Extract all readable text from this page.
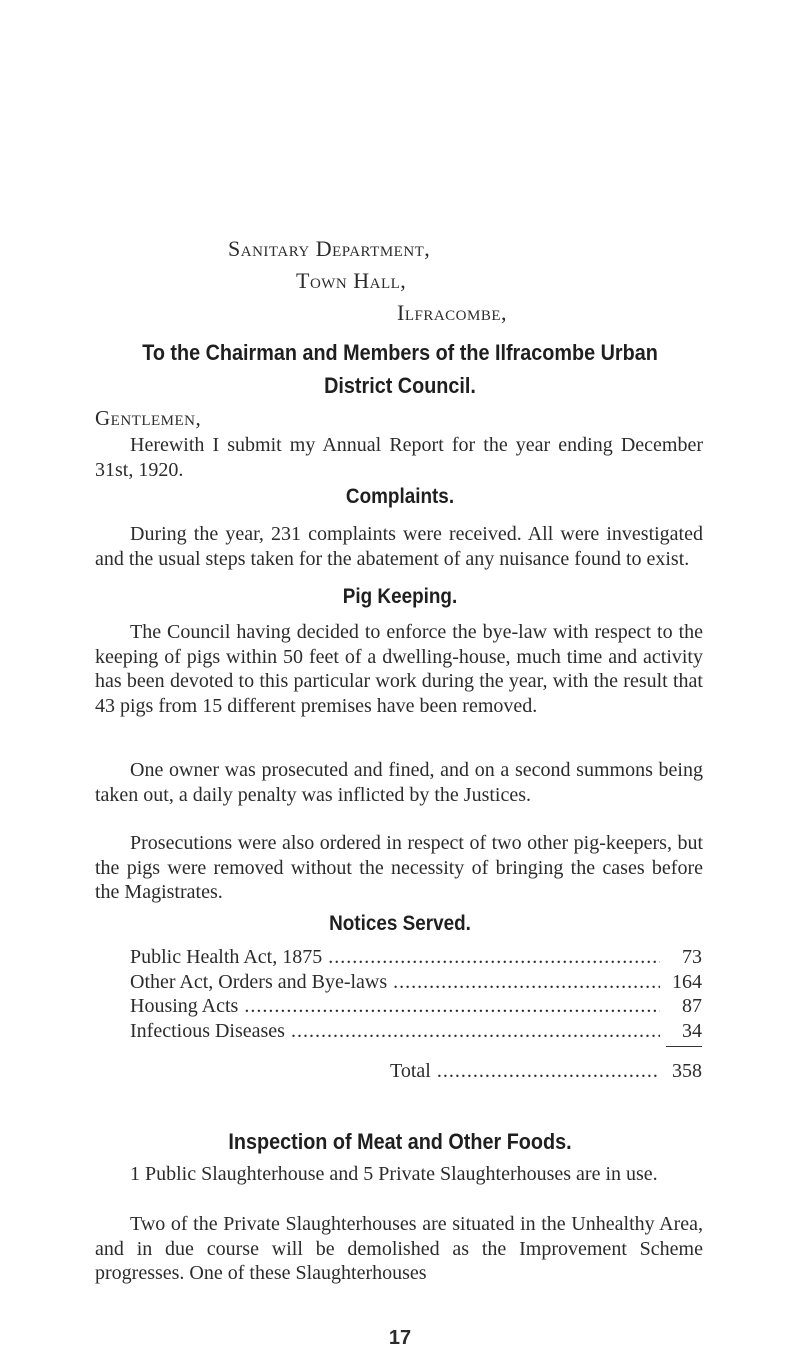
Sanitary Department,
Town Hall,
Ilfracombe,
To the Chairman and Members of the Ilfracombe Urban
District Council.
Gentlemen,

Herewith I submit my Annual Report for the year ending December 31st, 1920.

Complaints.

During the year, 231 complaints were received. All were investigated and the usual steps taken for the abatement of any nuisance found to exist.

Pig Keeping.

The Council having decided to enforce the bye-law with respect to the keeping of pigs within 50 feet of a dwelling-house, much time and activity has been devoted to this particular work during the year, with the result that 43 pigs from 15 different premises have been removed.

One owner was prosecuted and fined, and on a second summons being taken out, a daily penalty was inflicted by the Justices.

Prosecutions were also ordered in respect of two other pig-keepers, but the pigs were removed without the necessity of bringing the cases before the Magistrates.

Notices Served.
Public Health Act, 1875 .....	73
Other Act, Orders and Bye-laws .....	164
Housing Acts .....	87
Infectious Diseases .....	34
Total .....	358
Inspection of Meat and Other Foods.

1 Public Slaughterhouse and 5 Private Slaughterhouses are in use.

Two of the Private Slaughterhouses are situated in the Unhealthy Area, and in due course will be demolished as the Improvement Scheme progresses. One of these Slaughterhouses

17
